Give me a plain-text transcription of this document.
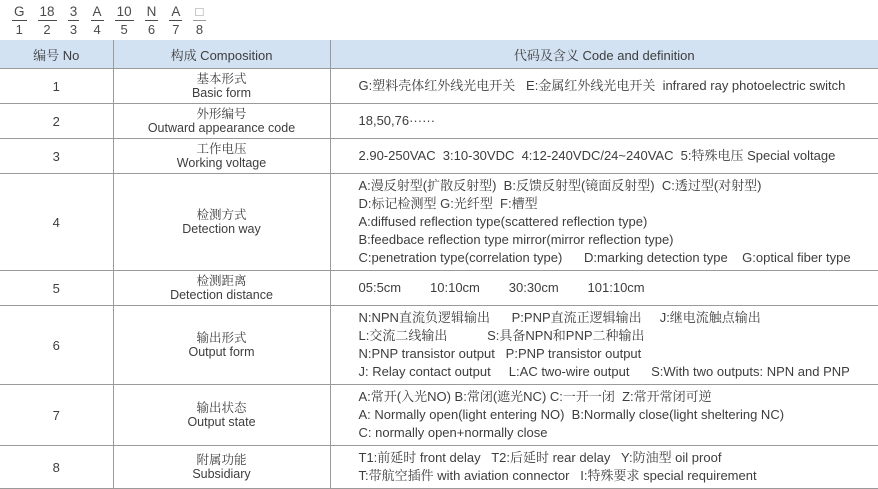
G
1
18
2
3
3
A
4
10
5
N
6
A
7
□
8
编号 No	构成 Composition	代码及含义 Code and definition
1	基本形式
Basic form	G:塑料壳体红外线光电开关   E:金属红外线光电开关  infrared ray photoelectric switch

2	外形编号
Outward appearance code	18,50,76······

3	工作电压
Working voltage	2.90-250VAC  3:10-30VDC  4:12-240VDC/24~240VAC  5:特殊电压 Special voltage

4	检测方式
Detection way

A:漫反射型(扩散反射型)  B:反馈反射型(镜面反射型)  C:透过型(对射型)
D:标记检测型 G:光纤型  F:槽型
A:diffused reflection type(scattered reflection type)
B:feedbace reflection type mirror(mirror reflection type)
C:penetration type(correlation type)      D:marking detection type    G:optical fiber type

5	检测距离
Detection distance	05:5cm        10:10cm        30:30cm        101:10cm

6	输出形式
Output form

N:NPN直流负逻辑输出      P:PNP直流正逻辑输出     J:继电流触点输出
L:交流二线输出           S:具备NPN和PNP二种输出
N:PNP transistor output   P:PNP transistor output
J: Relay contact output     L:AC two-wire output      S:With two outputs: NPN and PNP

7	输出状态
Output state

A:常开(入光NO) B:常闭(遮光NC) C:一开一闭  Z:常开常闭可逆
A: Normally open(light entering NO)  B:Normally close(light sheltering NC)
C: normally open+normally close

8	附属功能
Subsidiary

T1:前延时 front delay   T2:后延时 rear delay   Y:防油型 oil proof
T:带航空插件 with aviation connector   I:特殊要求 special requirement
